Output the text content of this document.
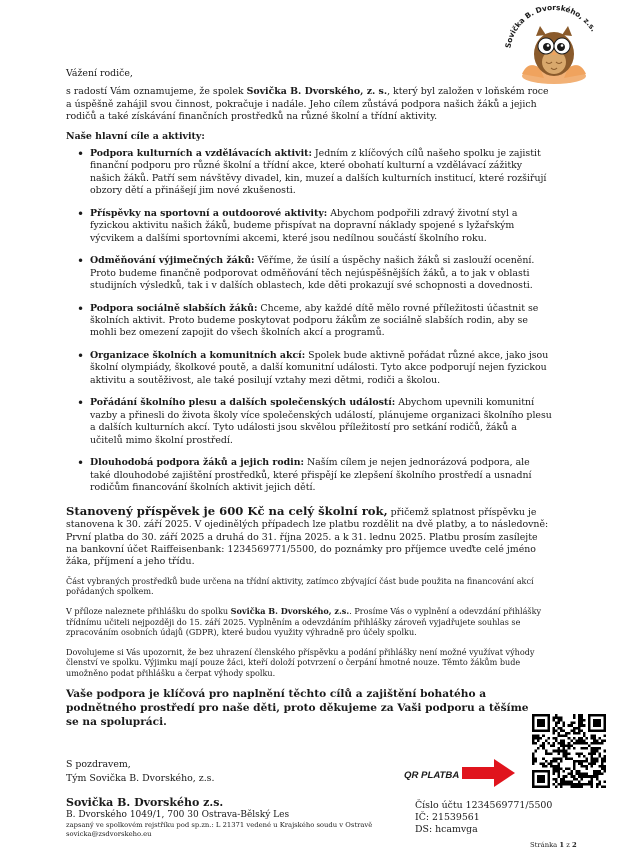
Sovička B. Dvorského, z.s.

Vážení rodiče,

s radostí Vám oznamujeme, že spolek Sovička B. Dvorského, z. s., který byl založen v loňském roce a úspěšně zahájil svou činnost, pokračuje i nadále. Jeho cílem zůstává podpora našich žáků a jejich rodičů a také získávání finančních prostředků na různé školní a třídní aktivity.

Naše hlavní cíle a aktivity:

• Podpora kulturních a vzdělávacích aktivit: Jedním z klíčových cílů našeho spolku je zajistit finanční podporu pro různé školní a třídní akce, které obohatí kulturní a vzdělávací zážitky našich žáků. Patří sem návštěvy divadel, kin, muzeí a dalších kulturních institucí, které rozšiřují obzory dětí a přinášejí jim nové zkušenosti.
• Příspěvky na sportovní a outdoorové aktivity: Abychom podpořili zdravý životní styl a fyzickou aktivitu našich žáků, budeme přispívat na dopravní náklady spojené s lyžařským výcvikem a dalšími sportovními akcemi, které jsou nedílnou součástí školního roku.
• Odměňování výjimečných žáků: Věříme, že úsilí a úspěchy našich žáků si zaslouží ocenění. Proto budeme finančně podporovat odměňování těch nejúspěšnějších žáků, a to jak v oblasti studijních výsledků, tak i v dalších oblastech, kde děti prokazují své schopnosti a dovednosti.
• Podpora sociálně slabších žáků: Chceme, aby každé dítě mělo rovné příležitosti účastnit se školních aktivit. Proto budeme poskytovat podporu žákům ze sociálně slabších rodin, aby se mohli bez omezení zapojit do všech školních akcí a programů.
• Organizace školních a komunitních akcí: Spolek bude aktivně pořádat různé akce, jako jsou školní olympiády, školkové poutě, a další komunitní události. Tyto akce podporují nejen fyzickou aktivitu a soutěživost, ale také posilují vztahy mezi dětmi, rodiči a školou.
• Pořádání školního plesu a dalších společenských událostí: Abychom upevnili komunitní vazby a přinesli do života školy více společenských událostí, plánujeme organizaci školního plesu a dalších kulturních akcí. Tyto události jsou skvělou příležitostí pro setkání rodičů, žáků a učitelů mimo školní prostředí.
• Dlouhodobá podpora žáků a jejich rodin: Naším cílem je nejen jednorázová podpora, ale také dlouhodobé zajištění prostředků, které přispějí ke zlepšení školního prostředí a usnadní rodičům financování školních aktivit jejich dětí.

Stanovený příspěvek je 600 Kč na celý školní rok, přičemž splatnost příspěvku je stanovena k 30. září 2025. V ojedinělých případech lze platbu rozdělit na dvě platby, a to následovně: První platba do 30. září 2025 a druhá do 31. října 2025. a k 31. lednu 2025. Platbu prosím zasílejte na bankovní účet Raiffeisenbank: 1234569771/5500, do poznámky pro příjemce uveďte celé jméno žáka, příjmení a jeho třídu.

Část vybraných prostředků bude určena na třídní aktivity, zatímco zbývající část bude použita na financování akcí pořádaných spolkem.

V příloze naleznete přihlášku do spolku Sovička B. Dvorského, z.s.. Prosíme Vás o vyplnění a odevzdání přihlášky třídnímu učiteli nejpozději do 15. září 2025. Vyplněním a odevzdáním přihlášky zároveň vyjadřujete souhlas se zpracováním osobních údajů (GDPR), které budou využity výhradně pro účely spolku.

Dovolujeme si Vás upozornit, že bez uhrazení členského příspěvku a podání přihlášky není možné využívat výhody členství ve spolku. Výjimku mají pouze žáci, kteří doloží potvrzení o čerpání hmotné nouze. Těmto žákům bude umožněno podat přihlášku a čerpat výhody spolku.

Vaše podpora je klíčová pro naplnění těchto cílů a zajištění bohatého a podnětného prostředí pro naše děti, proto děkujeme za Vaši podporu a těšíme se na spolupráci.

S pozdravem,
Tým Sovička B. Dvorského, z.s.	QR PLATBA
Sovička B. Dvorského z.s.
B. Dvorského 1049/1, 700 30 Ostrava-Bělský Les
zapsaný ve spolkovém rejstříku pod sp.zn.: L 21371 vedené u Krajského soudu v Ostravě
sovicka@zsdvorskeho.eu
Číslo účtu 1234569771/5500
IČ: 21539561
DS: hcamvga
Stránka 1 z 2
